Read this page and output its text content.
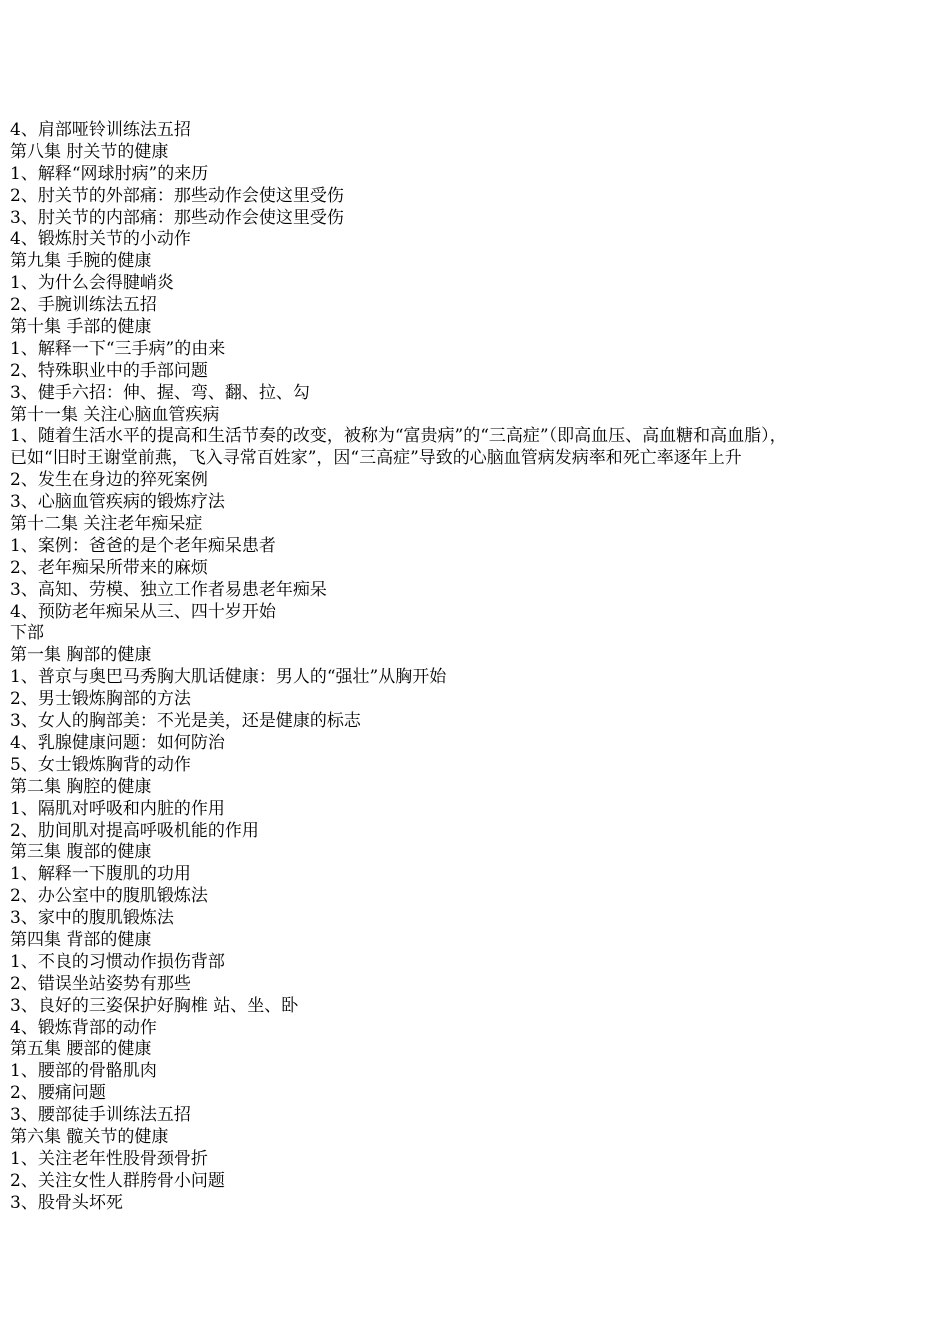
4、肩部哑铃训练法五招
第八集 肘关节的健康
1、解释“网球肘病”的来历
2、肘关节的外部痛：那些动作会使这里受伤
3、肘关节的内部痛：那些动作会使这里受伤
4、锻炼肘关节的小动作
第九集 手腕的健康
1、为什么会得腱峭炎
2、手腕训练法五招
第十集 手部的健康
1、解释一下“三手病”的由来
2、特殊职业中的手部问题
3、健手六招：伸、握、弯、翻、拉、勾
第十一集 关注心脑血管疾病
1、随着生活水平的提高和生活节奏的改变，被称为“富贵病”的“三高症”（即高血压、高血糖和高血脂），
已如“旧时王谢堂前燕，飞入寻常百姓家”，因“三高症”导致的心脑血管病发病率和死亡率逐年上升
2、发生在身边的猝死案例
3、心脑血管疾病的锻炼疗法
第十二集 关注老年痴呆症
1、案例：爸爸的是个老年痴呆患者
2、老年痴呆所带来的麻烦
3、高知、劳模、独立工作者易患老年痴呆
4、预防老年痴呆从三、四十岁开始
下部
第一集 胸部的健康
1、普京与奥巴马秀胸大肌话健康：男人的“强壮”从胸开始
2、男士锻炼胸部的方法
3、女人的胸部美：不光是美，还是健康的标志
4、乳腺健康问题：如何防治
5、女士锻炼胸背的动作
第二集 胸腔的健康
1、隔肌对呼吸和内脏的作用
2、肋间肌对提高呼吸机能的作用
第三集 腹部的健康
1、解释一下腹肌的功用
2、办公室中的腹肌锻炼法
3、家中的腹肌锻炼法
第四集 背部的健康
1、不良的习惯动作损伤背部
2、错误坐站姿势有那些
3、良好的三姿保护好胸椎 站、坐、卧
4、锻炼背部的动作
第五集 腰部的健康
1、腰部的骨骼肌肉
2、腰痛问题
3、腰部徒手训练法五招
第六集 髋关节的健康
1、关注老年性股骨颈骨折
2、关注女性人群胯骨小问题
3、股骨头坏死
